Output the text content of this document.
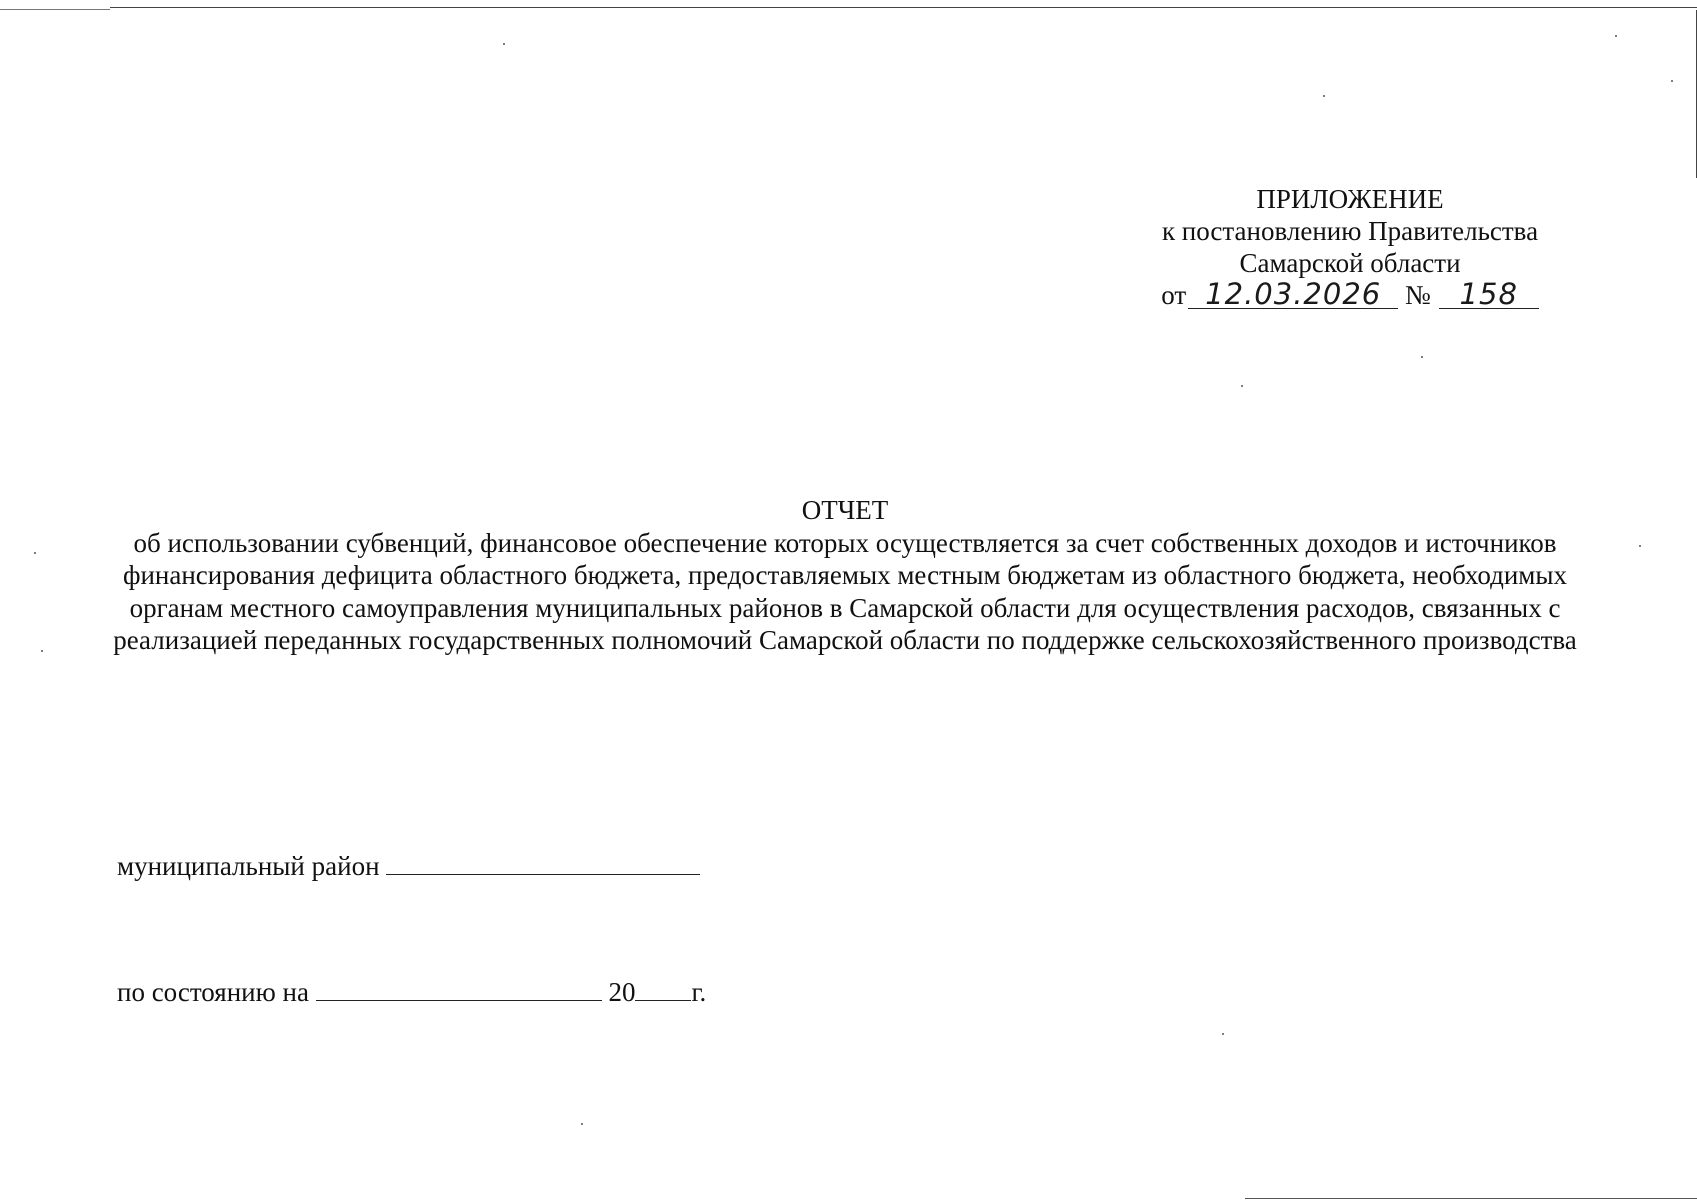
ПРИЛОЖЕНИЕ
к постановлению Правительства
Самарской области
от 12.03.2026 № 158
ОТЧЕТ
об использовании субвенций, финансовое обеспечение которых осуществляется за счет собственных доходов и источников финансирования дефицита областного бюджета, предоставляемых местным бюджетам из областного бюджета, необходимых органам местного самоуправления муниципальных районов в Самарской области для осуществления расходов, связанных с реализацией переданных государственных полномочий Самарской области по поддержке сельскохозяйственного производства
муниципальный район
по состоянию на	20 г.
